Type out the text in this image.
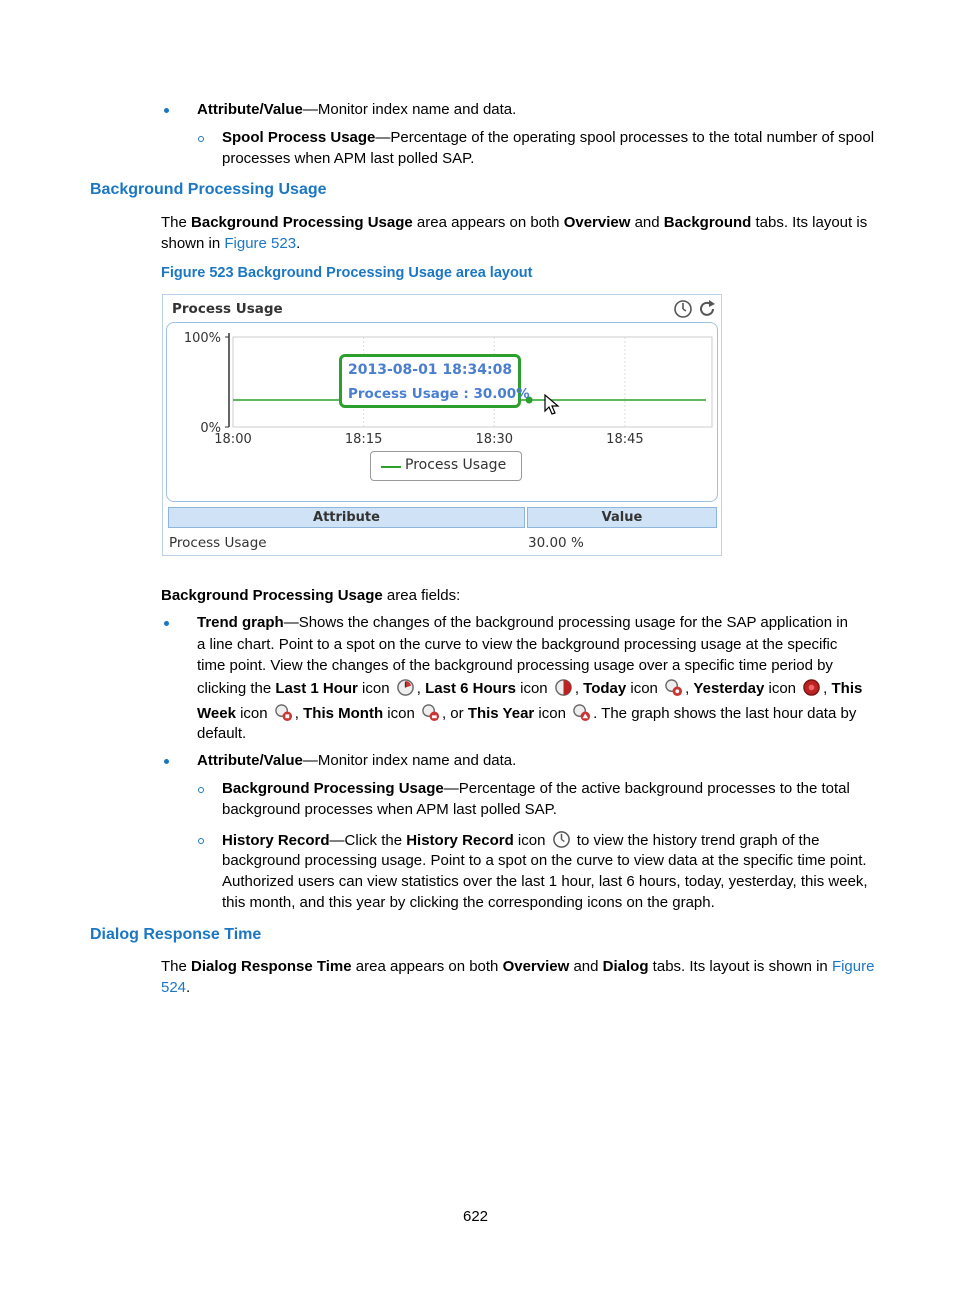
Attribute/Value—Monitor index name and data.
Spool Process Usage—Percentage of the operating spool processes to the total number of spool
processes when APM last polled SAP.
Background Processing Usage
The Background Processing Usage area appears on both Overview and Background tabs. Its layout is
shown in Figure 523.
Figure 523 Background Processing Usage area layout
Process Usage
18:00	18:15	18:30	18:45
100%
0%
2013-08-01 18:34:08
Process Usage : 30.00%
Process Usage
Attribute	Value
Process Usage	30.00 %
Background Processing Usage area fields:
Trend graph—Shows the changes of the background processing usage for the SAP application in
a line chart. Point to a spot on the curve to view the background processing usage at the specific
time point. View the changes of the background processing usage over a specific time period by
clicking the Last 1 Hour icon , Last 6 Hours icon , Today icon , Yesterday icon , This
Week icon , This Month icon , or This Year icon . The graph shows the last hour data by
default.
Attribute/Value—Monitor index name and data.
Background Processing Usage—Percentage of the active background processes to the total
background processes when APM last polled SAP.
History Record—Click the History Record icon  to view the history trend graph of the
background processing usage. Point to a spot on the curve to view data at the specific time point.
Authorized users can view statistics over the last 1 hour, last 6 hours, today, yesterday, this week,
this month, and this year by clicking the corresponding icons on the graph.
Dialog Response Time
The Dialog Response Time area appears on both Overview and Dialog tabs. Its layout is shown in Figure
524.
622
